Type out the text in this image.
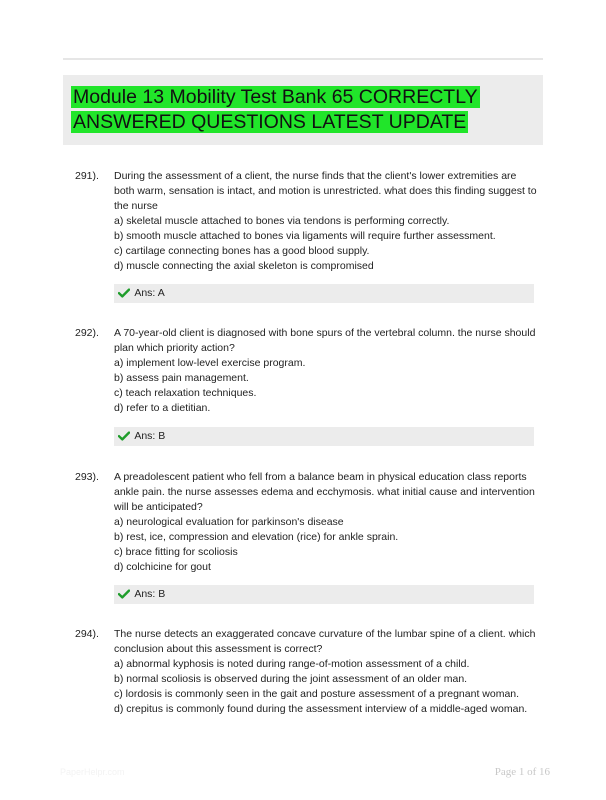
Module 13 Mobility Test Bank 65 CORRECTLY ANSWERED QUESTIONS LATEST UPDATE
291). During the assessment of a client, the nurse finds that the client's lower extremities are both warm, sensation is intact, and motion is unrestricted. what does this finding suggest to the nurse

a) skeletal muscle attached to bones via tendons is performing correctly.

b) smooth muscle attached to bones via ligaments will require further assessment.

c) cartilage connecting bones has a good blood supply.

d) muscle connecting the axial skeleton is compromised

Ans: A
292). A 70-year-old client is diagnosed with bone spurs of the vertebral column. the nurse should plan which priority action?

a) implement low-level exercise program.

b) assess pain management.

c) teach relaxation techniques.

d) refer to a dietitian.

Ans: B
293). A preadolescent patient who fell from a balance beam in physical education class reports ankle pain. the nurse assesses edema and ecchymosis. what initial cause and intervention will be anticipated?

a) neurological evaluation for parkinson's disease

b) rest, ice, compression and elevation (rice) for ankle sprain.

c) brace fitting for scoliosis

d) colchicine for gout

Ans: B
294). The nurse detects an exaggerated concave curvature of the lumbar spine of a client. which conclusion about this assessment is correct?

a) abnormal kyphosis is noted during range-of-motion assessment of a child.

b) normal scoliosis is observed during the joint assessment of an older man.

c) lordosis is commonly seen in the gait and posture assessment of a pregnant woman.

d) crepitus is commonly found during the assessment interview of a middle-aged woman.

PaperHelpr.com	Page 1 of 16
